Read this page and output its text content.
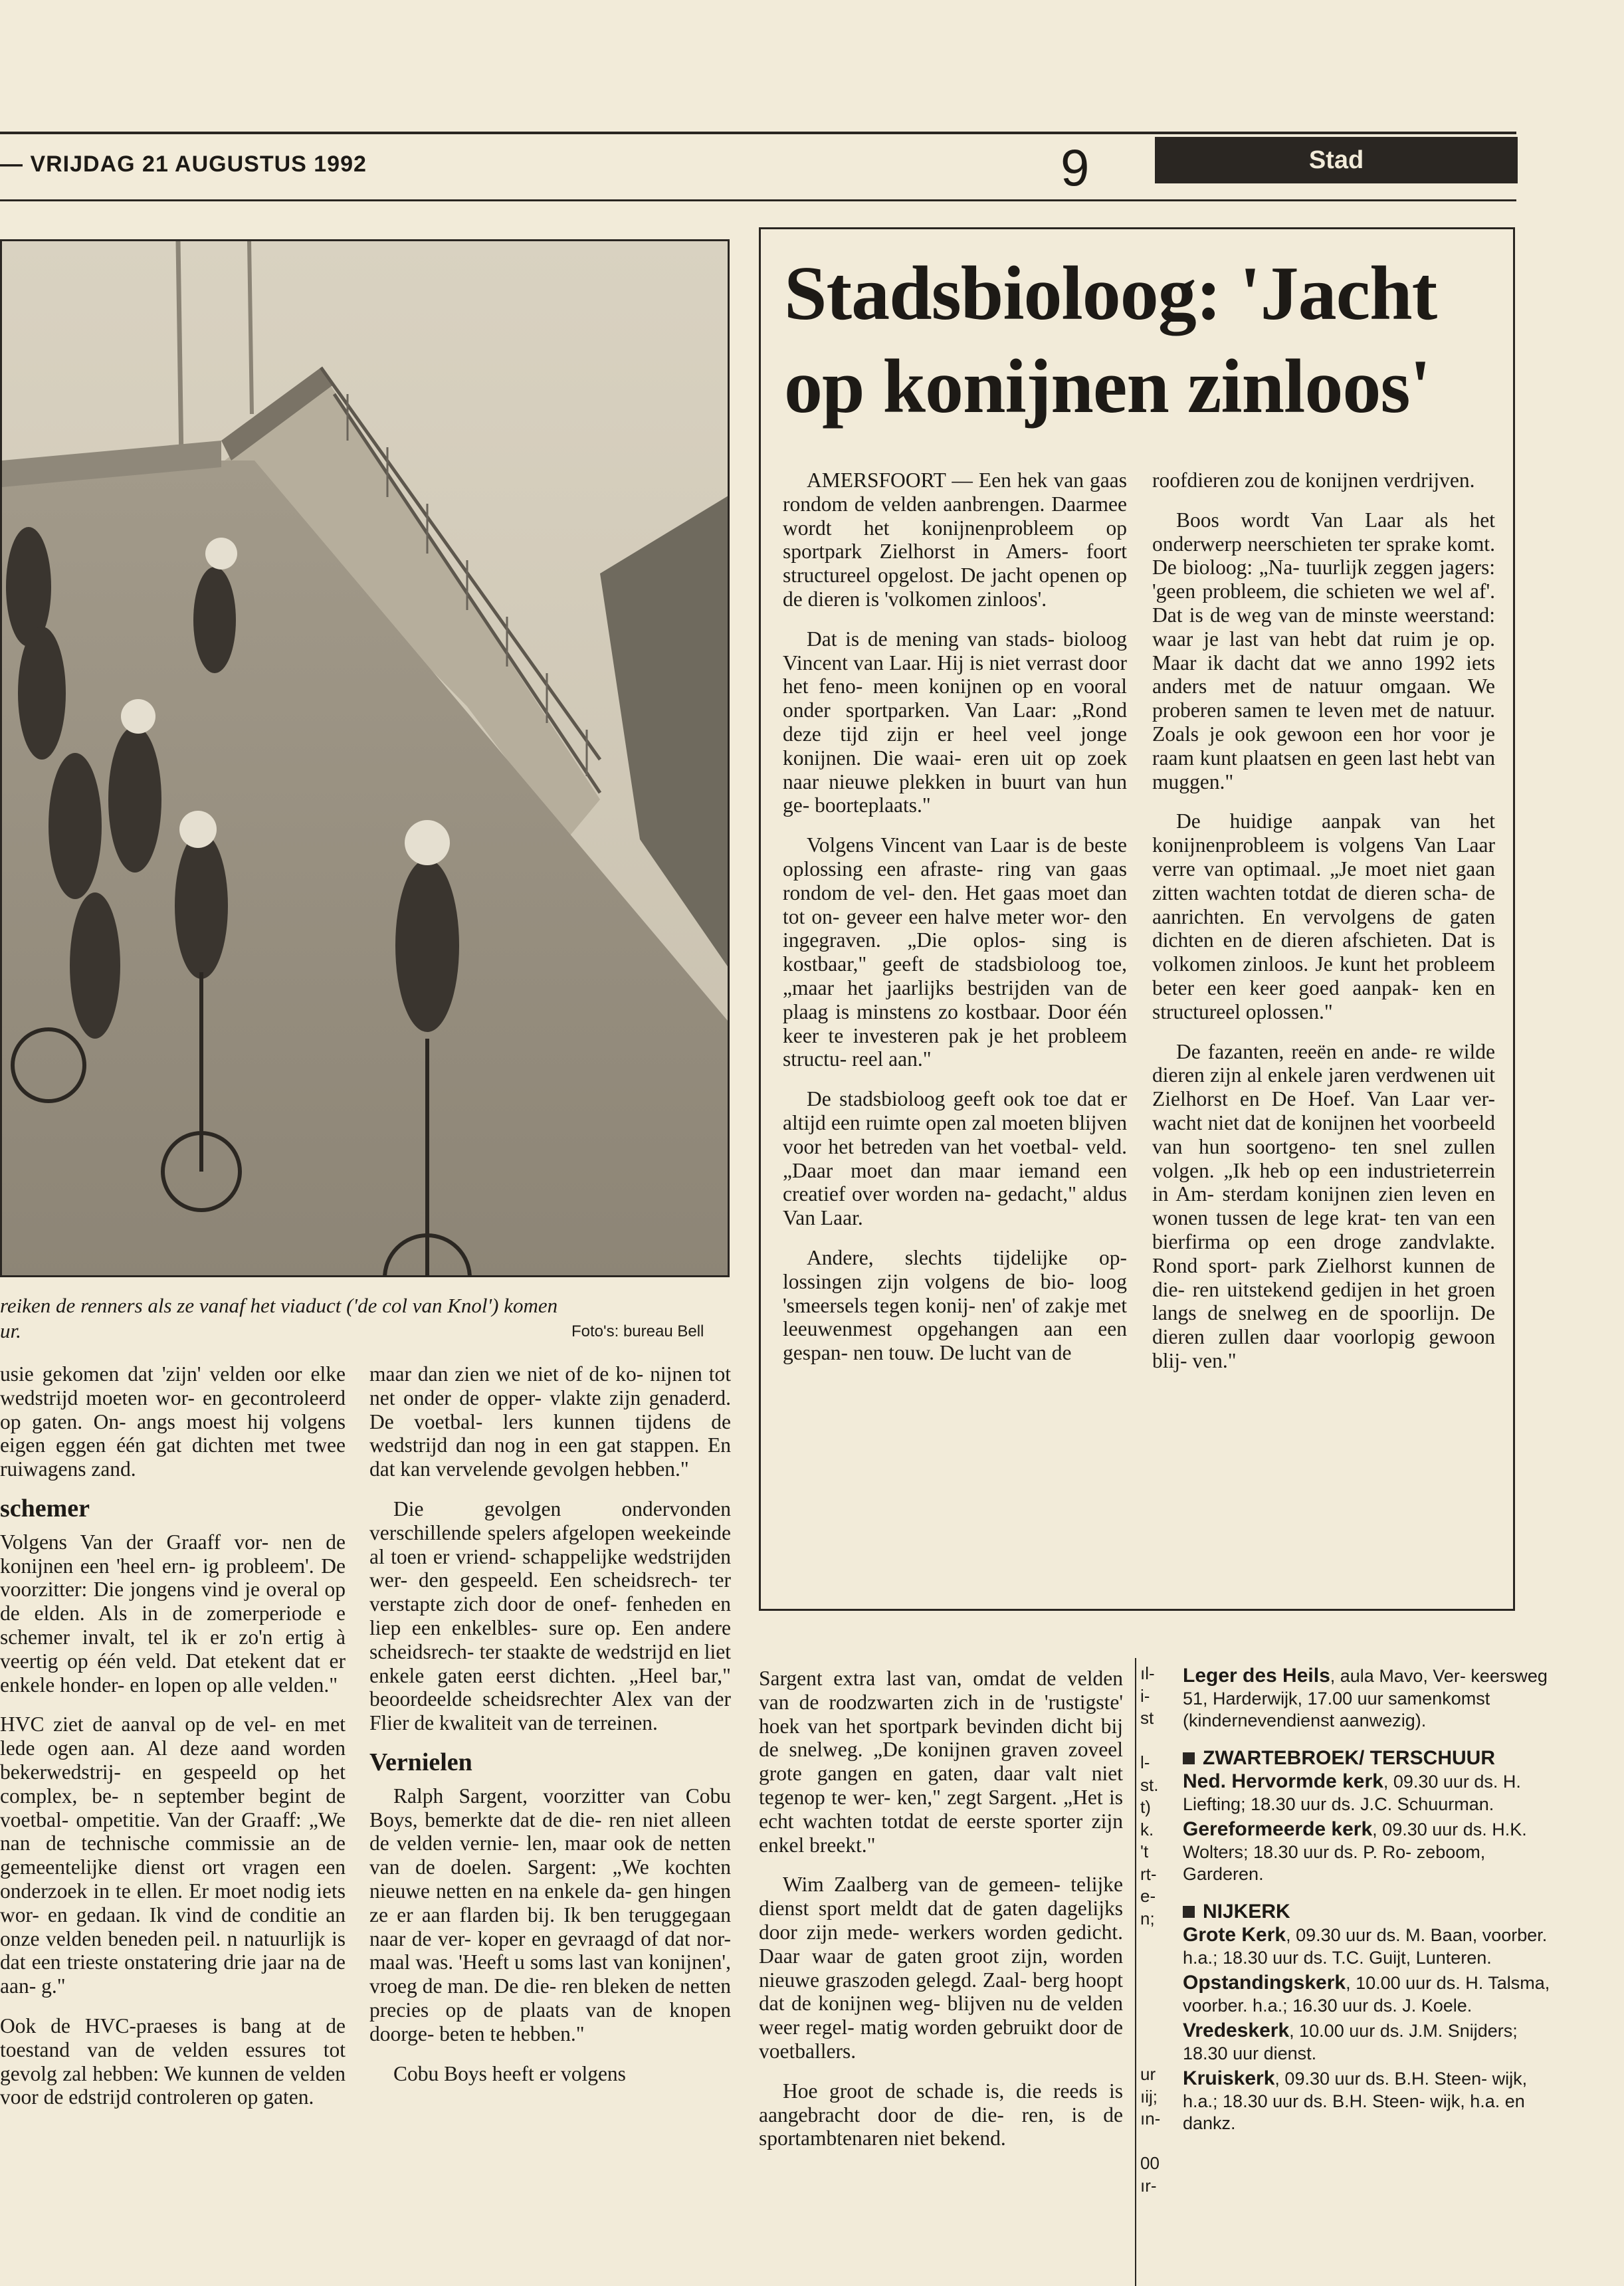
— VRIJDAG 21 AUGUSTUS 1992	9	Stad
reiken de renners als ze vanaf het viaduct ('de col van Knol') komen
ur.	Foto's: bureau Bell

usie gekomen dat 'zijn' velden oor elke wedstrijd moeten wor- en gecontroleerd op gaten. On- angs moest hij volgens eigen eggen één gat dichten met twee ruiwagens zand.

schemer

Volgens Van der Graaff vor- nen de konijnen een 'heel ern- ig probleem'. De voorzitter: Die jongens vind je overal op de elden. Als in de zomerperiode e schemer invalt, tel ik er zo'n ertig à veertig op één veld. Dat etekent dat er enkele honder- en lopen op alle velden."

HVC ziet de aanval op de vel- en met lede ogen aan. Al deze aand worden bekerwedstrij- en gespeeld op het complex, be- n september begint de voetbal- ompetitie. Van der Graaff: „We nan de technische commissie an de gemeentelijke dienst ort vragen een onderzoek in te ellen. Er moet nodig iets wor- en gedaan. Ik vind de conditie an onze velden beneden peil. n natuurlijk is dat een trieste onstatering drie jaar na de aan- g."

Ook de HVC-praeses is bang at de toestand van de velden essures tot gevolg zal hebben: We kunnen de velden voor de edstrijd controleren op gaten.

maar dan zien we niet of de ko- nijnen tot net onder de opper- vlakte zijn genaderd. De voetbal- lers kunnen tijdens de wedstrijd dan nog in een gat stappen. En dat kan vervelende gevolgen hebben."

Die gevolgen ondervonden verschillende spelers afgelopen weekeinde al toen er vriend- schappelijke wedstrijden wer- den gespeeld. Een scheidsrech- ter verstapte zich door de onef- fenheden en liep een enkelbles- sure op. Een andere scheidsrech- ter staakte de wedstrijd en liet enkele gaten eerst dichten. „Heel bar," beoordeelde scheidsrechter Alex van der Flier de kwaliteit van de terreinen.

Vernielen

Ralph Sargent, voorzitter van Cobu Boys, bemerkte dat de die- ren niet alleen de velden vernie- len, maar ook de netten van de doelen. Sargent: „We kochten nieuwe netten en na enkele da- gen hingen ze er aan flarden bij. Ik ben teruggegaan naar de ver- koper en gevraagd of dat nor- maal was. 'Heeft u soms last van konijnen', vroeg de man. De die- ren bleken de netten precies op de plaats van de knopen doorge- beten te hebben."

Cobu Boys heeft er volgens

Sargent extra last van, omdat de velden van de roodzwarten zich in de 'rustigste' hoek van het sportpark bevinden dicht bij de snelweg. „De konijnen graven zoveel grote gangen en gaten, daar valt niet tegenop te wer- ken," zegt Sargent. „Het is echt wachten totdat de eerste sporter zijn enkel breekt."

Wim Zaalberg van de gemeen- telijke dienst sport meldt dat de gaten dagelijks door zijn mede- werkers worden gedicht. Daar waar de gaten groot zijn, worden nieuwe graszoden gelegd. Zaal- berg hoopt dat de konijnen weg- blijven nu de velden weer regel- matig worden gebruikt door de voetballers.

Hoe groot de schade is, die reeds is aangebracht door de die- ren, is de sportambtenaren niet bekend.

Stadsbioloog: 'Jacht op konijnen zinloos'

AMERSFOORT — Een hek van gaas rondom de velden aanbrengen. Daarmee wordt het konijnenprobleem op sportpark Zielhorst in Amers- foort structureel opgelost. De jacht openen op de dieren is 'volkomen zinloos'.

Dat is de mening van stads- bioloog Vincent van Laar. Hij is niet verrast door het feno- meen konijnen op en vooral onder sportparken. Van Laar: „Rond deze tijd zijn er heel veel jonge konijnen. Die waai- eren uit op zoek naar nieuwe plekken in buurt van hun ge- boorteplaats."

Volgens Vincent van Laar is de beste oplossing een afraste- ring van gaas rondom de vel- den. Het gaas moet dan tot on- geveer een halve meter wor- den ingegraven. „Die oplos- sing is kostbaar," geeft de stadsbioloog toe, „maar het jaarlijks bestrijden van de plaag is minstens zo kostbaar. Door één keer te investeren pak je het probleem structu- reel aan."

De stadsbioloog geeft ook toe dat er altijd een ruimte open zal moeten blijven voor het betreden van het voetbal- veld. „Daar moet dan maar iemand een creatief over worden na- gedacht," aldus Van Laar.

Andere, slechts tijdelijke op- lossingen zijn volgens de bio- loog 'smeersels tegen konij- nen' of zakje met leeuwenmest opgehangen aan een gespan- nen touw. De lucht van de

roofdieren zou de konijnen verdrijven.

Boos wordt Van Laar als het onderwerp neerschieten ter sprake komt. De bioloog: „Na- tuurlijk zeggen jagers: 'geen probleem, die schieten we wel af'. Dat is de weg van de minste weerstand: waar je last van hebt dat ruim je op. Maar ik dacht dat we anno 1992 iets anders met de natuur omgaan. We proberen samen te leven met de natuur. Zoals je ook gewoon een hor voor je raam kunt plaatsen en geen last hebt van muggen."

De huidige aanpak van het konijnenprobleem is volgens Van Laar verre van optimaal. „Je moet niet gaan zitten wachten totdat de dieren scha- de aanrichten. En vervolgens de gaten dichten en de dieren afschieten. Dat is volkomen zinloos. Je kunt het probleem beter een keer goed aanpak- ken en structureel oplossen."

De fazanten, reeën en ande- re wilde dieren zijn al enkele jaren verdwenen uit Zielhorst en De Hoef. Van Laar ver- wacht niet dat de konijnen het voorbeeld van hun soortgeno- ten snel zullen volgen. „Ik heb op een industrieterrein in Am- sterdam konijnen zien leven en wonen tussen de lege krat- ten van een bierfirma op een droge zandvlakte. Rond sport- park Zielhorst kunnen de die- ren uitstekend gedijen in het groen langs de snelweg en de spoorlijn. De dieren zullen daar voorlopig gewoon blij- ven."

ıl-
i-
st

l-
st.
t)
k.
't
rt-
e-
n;

ur
ıij;
ın-

00
ır-
Leger des Heils, aula Mavo, Ver- keersweg 51, Harderwijk, 17.00 uur samenkomst (kindernevendienst aanwezig).
ZWARTEBROEK/ TERSCHUUR
Ned. Hervormde kerk, 09.30 uur ds. H. Liefting; 18.30 uur ds. J.C. Schuurman.
Gereformeerde kerk, 09.30 uur ds. H.K. Wolters; 18.30 uur ds. P. Ro- zeboom, Garderen.
NIJKERK
Grote Kerk, 09.30 uur ds. M. Baan, voorber. h.a.; 18.30 uur ds. T.C. Guijt, Lunteren.
Opstandingskerk, 10.00 uur ds. H. Talsma, voorber. h.a.; 16.30 uur ds. J. Koele.
Vredeskerk, 10.00 uur ds. J.M. Snijders; 18.30 uur dienst.
Kruiskerk, 09.30 uur ds. B.H. Steen- wijk, h.a.; 18.30 uur ds. B.H. Steen- wijk, h.a. en dankz.
